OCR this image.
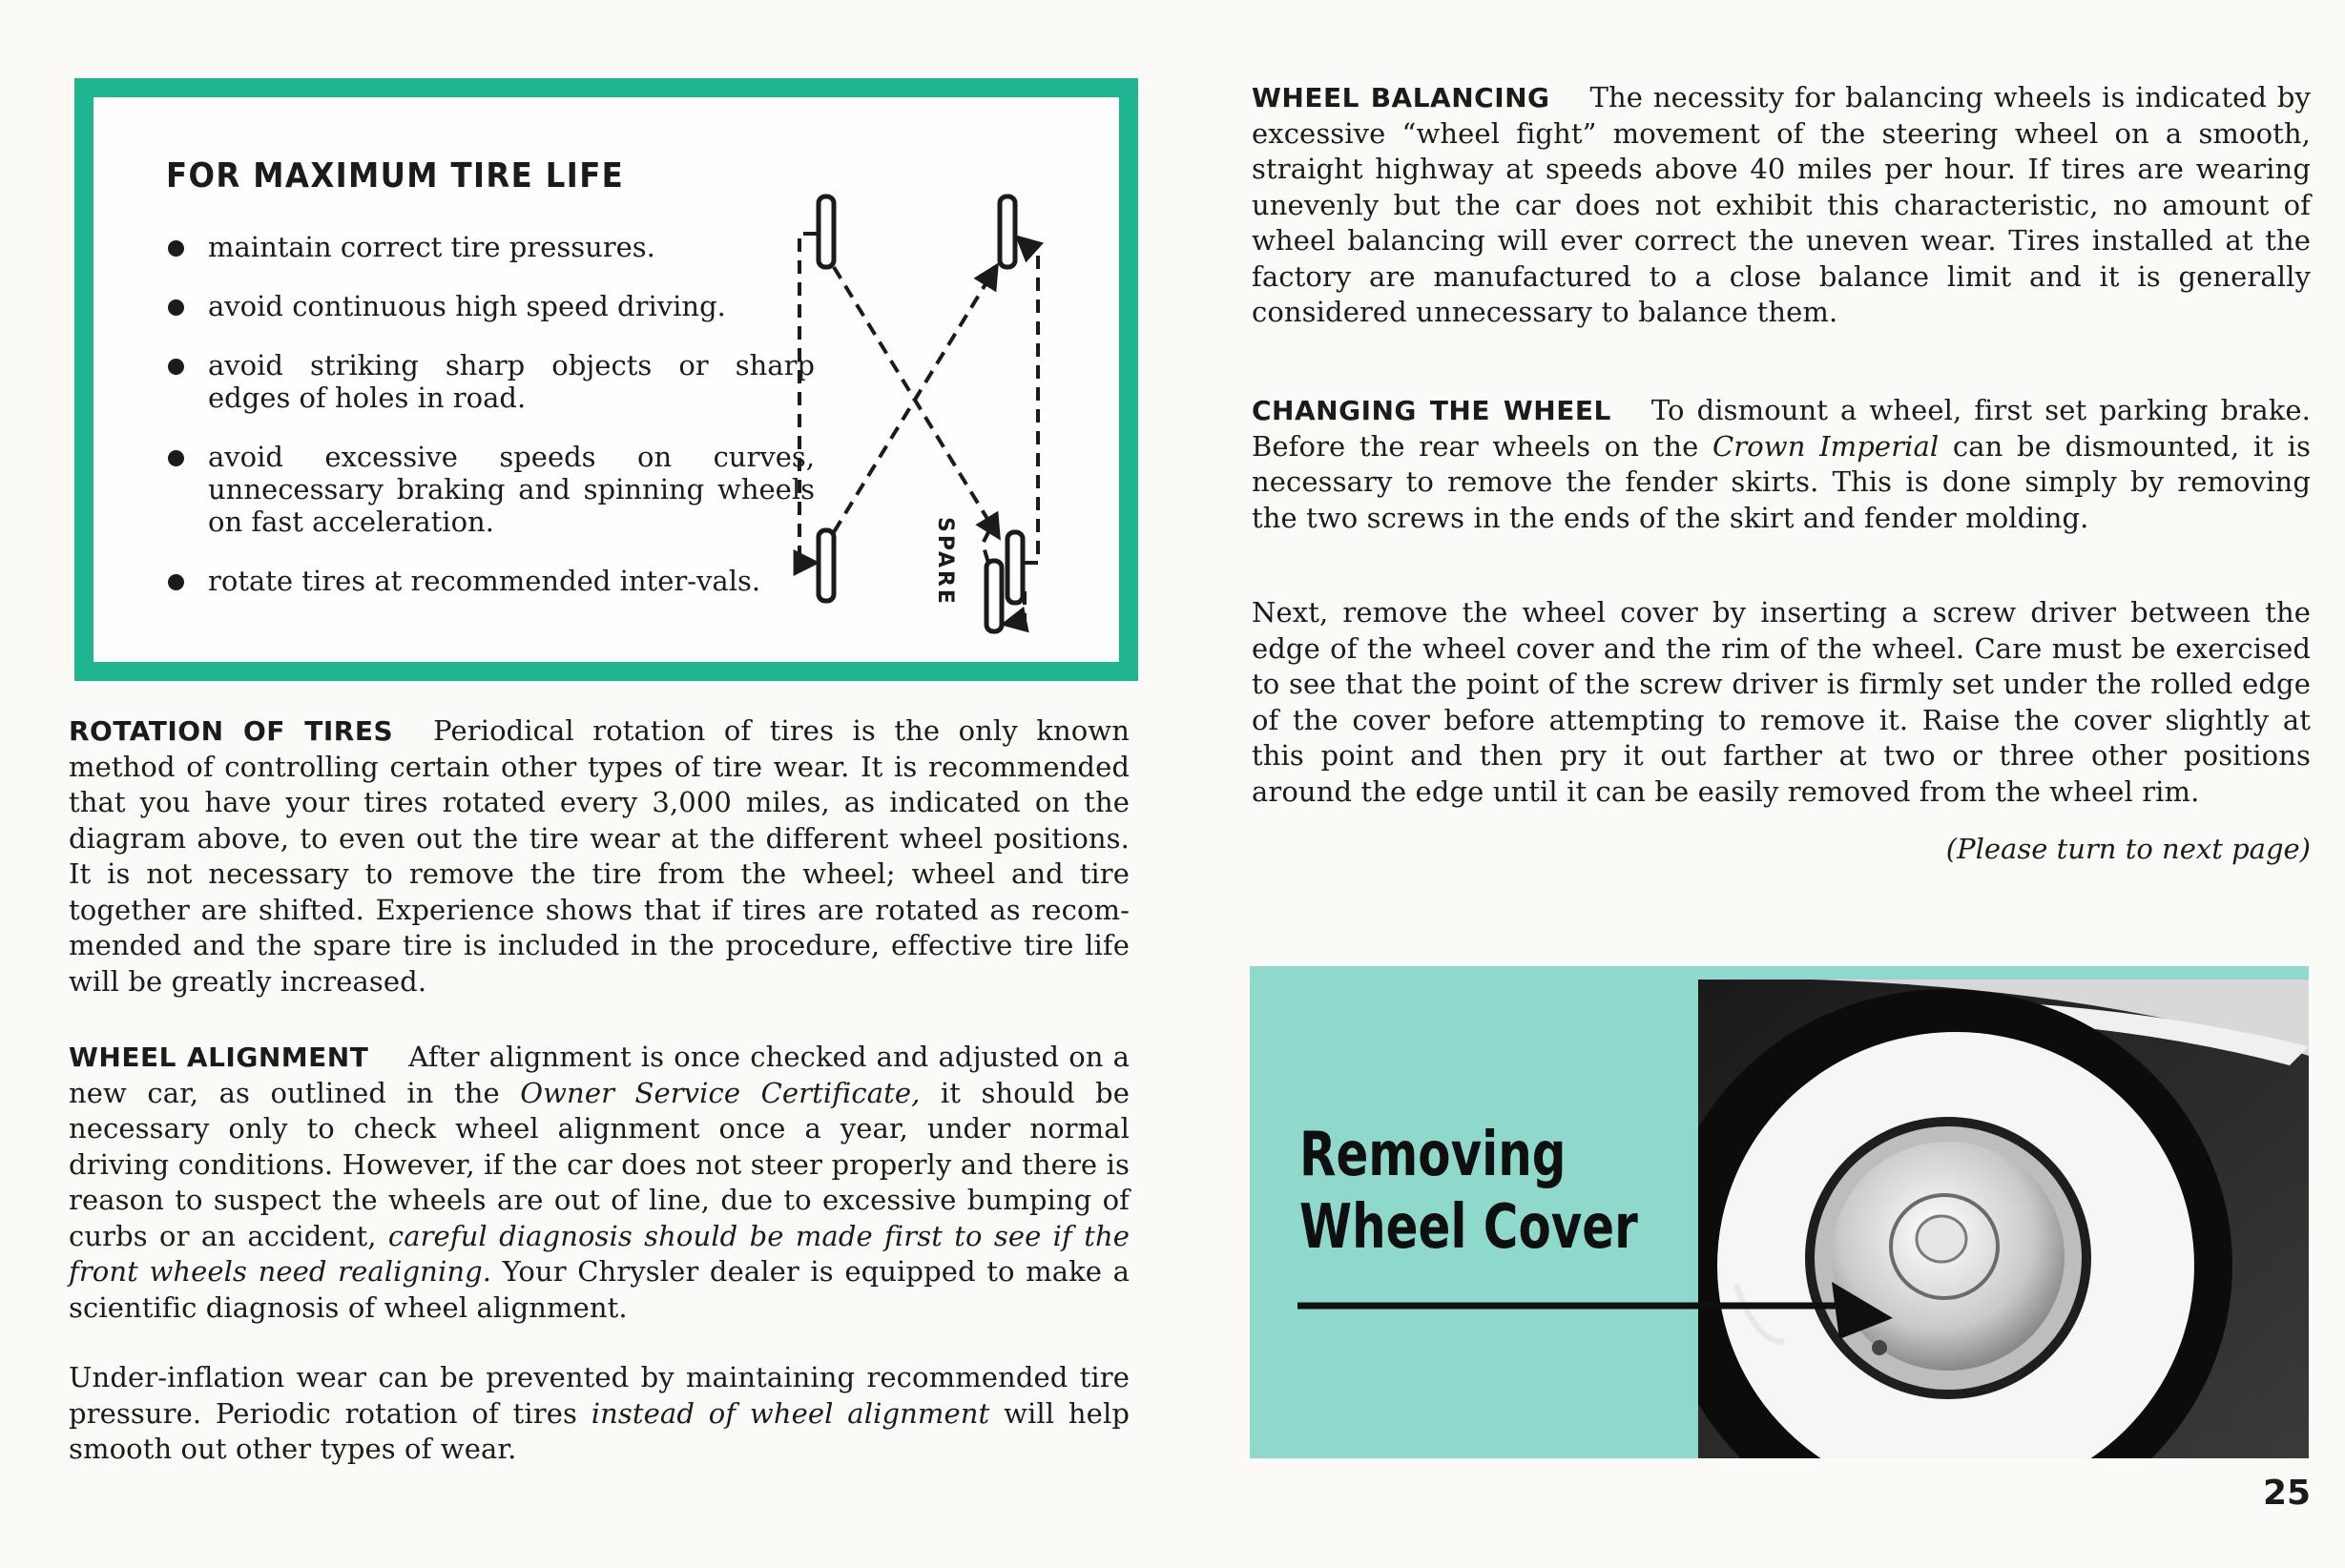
FOR MAXIMUM TIRE LIFE
maintain correct tire pressures.
avoid continuous high speed driving.
avoid striking sharp objects or sharp edges of holes in road.
avoid excessive speeds on curves, unnecessary braking and spinning wheels on fast acceleration.
rotate tires at recommended inter-vals.	SPARE

ROTATION OF TIRES Periodical rotation of tires is the only known method of controlling certain other types of tire wear. It is recommended that you have your tires rotated every 3,000 miles, as indicated on the diagram above, to even out the tire wear at the different wheel positions. It is not necessary to remove the tire from the wheel; wheel and tire together are shifted. Experience shows that if tires are rotated as recom-mended and the spare tire is included in the procedure, effective tire life will be greatly increased.

WHEEL ALIGNMENT After alignment is once checked and adjusted on a new car, as outlined in the Owner Service Certificate, it should be necessary only to check wheel alignment once a year, under normal driving conditions. However, if the car does not steer properly and there is reason to suspect the wheels are out of line, due to excessive bumping of curbs or an accident, careful diagnosis should be made first to see if the front wheels need realigning. Your Chrysler dealer is equipped to make a scientific diagnosis of wheel alignment.

Under-inflation wear can be prevented by maintaining recommended tire pressure. Periodic rotation of tires instead of wheel alignment will help smooth out other types of wear.

WHEEL BALANCING The necessity for balancing wheels is indicated by excessive “wheel fight” movement of the steering wheel on a smooth, straight highway at speeds above 40 miles per hour. If tires are wearing unevenly but the car does not exhibit this characteristic, no amount of wheel balancing will ever correct the uneven wear. Tires installed at the factory are manufactured to a close balance limit and it is generally considered unnecessary to balance them.

CHANGING THE WHEEL To dismount a wheel, first set parking brake. Before the rear wheels on the Crown Imperial can be dismounted, it is necessary to remove the fender skirts. This is done simply by removing the two screws in the ends of the skirt and fender molding.

Next, remove the wheel cover by inserting a screw driver between the edge of the wheel cover and the rim of the wheel. Care must be exercised to see that the point of the screw driver is firmly set under the rolled edge of the cover before attempting to remove it. Raise the cover slightly at this point and then pry it out farther at two or three other positions around the edge until it can be easily removed from the wheel rim.

(Please turn to next page)
Removing
Wheel Cover
25
